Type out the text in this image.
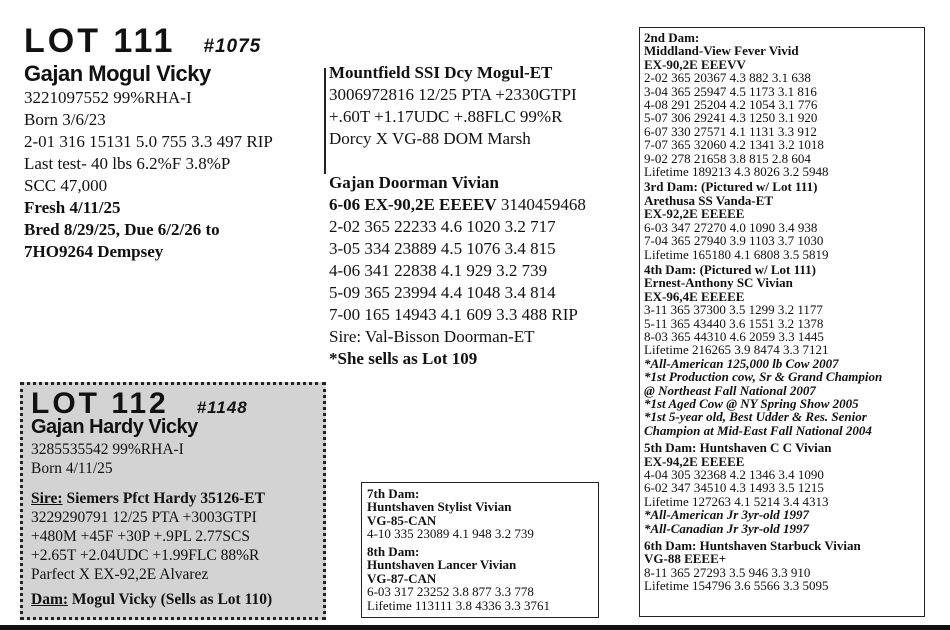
LOT 111 #1075
Gajan Mogul Vicky
3221097552 99%RHA-I
Born 3/6/23
2-01 316 15131 5.0 755 3.3 497 RIP
Last test- 40 lbs 6.2%F 3.8%P
SCC 47,000
Fresh 4/11/25
Bred 8/29/25, Due 6/2/26 to
7HO9264 Dempsey
Mountfield SSI Dcy Mogul-ET
3006972816 12/25 PTA +2330GTPI
+.60T +1.17UDC +.88FLC 99%R
Dorcy X VG-88 DOM Marsh
Gajan Doorman Vivian
6-06 EX-90,2E EEEEV 3140459468
2-02 365 22233 4.6 1020 3.2 717
3-05 334 23889 4.5 1076 3.4 815
4-06 341 22838 4.1 929 3.2 739
5-09 365 23994 4.4 1048 3.4 814
7-00 165 14943 4.1 609 3.3 488 RIP
Sire: Val-Bisson Doorman-ET
*She sells as Lot 109
LOT 112 #1148
Gajan Hardy Vicky
3285535542 99%RHA-I
Born 4/11/25
Sire: Siemers Pfct Hardy 35126-ET
3229290791 12/25 PTA +3003GTPI
+480M +45F +30P +.9PL 2.77SCS
+2.65T +2.04UDC +1.99FLC 88%R
Parfect X EX-92,2E Alvarez
Dam: Mogul Vicky (Sells as Lot 110)
7th Dam:
Huntshaven Stylist Vivian
VG-85-CAN
4-10 335 23089 4.1 948 3.2 739
8th Dam:
Huntshaven Lancer Vivian
VG-87-CAN
6-03 317 23252 3.8 877 3.3 778
Lifetime 113111 3.8 4336 3.3 3761
2nd Dam:
Middland-View Fever Vivid
EX-90,2E EEEVV
2-02 365 20367 4.3 882 3.1 638
3-04 365 25947 4.5 1173 3.1 816
4-08 291 25204 4.2 1054 3.1 776
5-07 306 29241 4.3 1250 3.1 920
6-07 330 27571 4.1 1131 3.3 912
7-07 365 32060 4.2 1341 3.2 1018
9-02 278 21658 3.8 815 2.8 604
Lifetime 189213 4.3 8026 3.2 5948
3rd Dam: (Pictured w/ Lot 111)
Arethusa SS Vanda-ET
EX-92,2E EEEEE
6-03 347 27270 4.0 1090 3.4 938
7-04 365 27940 3.9 1103 3.7 1030
Lifetime 165180 4.1 6808 3.5 5819
4th Dam: (Pictured w/ Lot 111)
Ernest-Anthony SC Vivian
EX-96,4E EEEEE
3-11 365 37300 3.5 1299 3.2 1177
5-11 365 43440 3.6 1551 3.2 1378
8-03 365 44310 4.6 2059 3.3 1445
Lifetime 216265 3.9 8474 3.3 7121
*All-American 125,000 lb Cow 2007
*1st Production cow, Sr & Grand Champion
@ Northeast Fall National 2007
*1st Aged Cow @ NY Spring Show 2005
*1st 5-year old, Best Udder & Res. Senior
Champion at Mid-East Fall National 2004
5th Dam: Huntshaven C C Vivian
EX-94,2E EEEEE
4-04 305 32368 4.2 1346 3.4 1090
6-02 347 34510 4.3 1493 3.5 1215
Lifetime 127263 4.1 5214 3.4 4313
*All-American Jr 3yr-old 1997
*All-Canadian Jr 3yr-old 1997
6th Dam: Huntshaven Starbuck Vivian
VG-88 EEEE+
8-11 365 27293 3.5 946 3.3 910
Lifetime 154796 3.6 5566 3.3 5095
